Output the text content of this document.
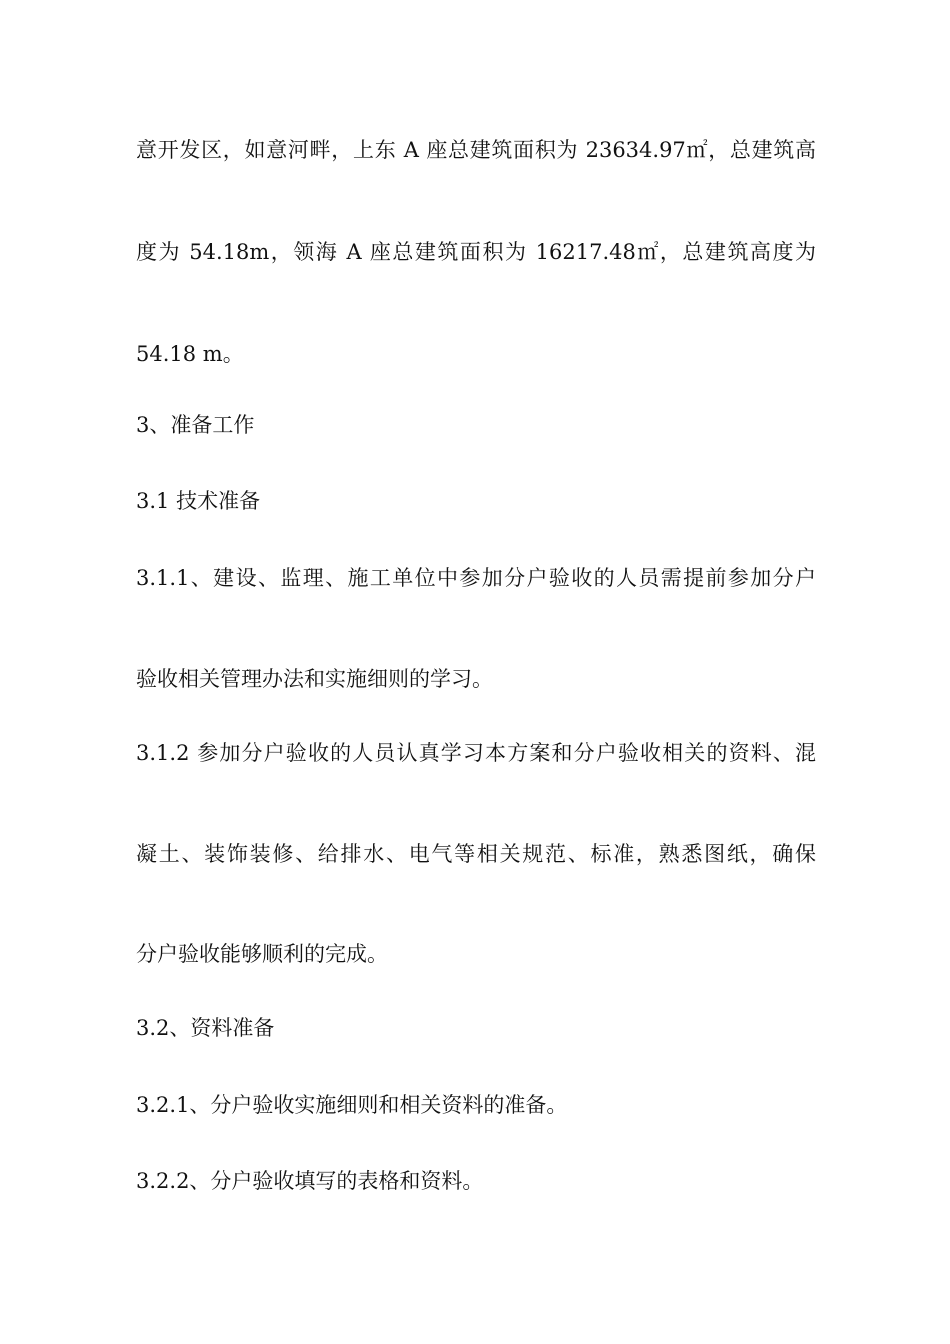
意开发区，如意河畔，上东 A 座总建筑面积为 23634.97㎡，总建筑高
度为 54.18m，领海 A 座总建筑面积为 16217.48㎡，总建筑高度为
54.18 m。
3、准备工作
3.1 技术准备
3.1.1、建设、监理、施工单位中参加分户验收的人员需提前参加分户
验收相关管理办法和实施细则的学习。
3.1.2 参加分户验收的人员认真学习本方案和分户验收相关的资料、混
凝土、装饰装修、给排水、电气等相关规范、标准，熟悉图纸，确保
分户验收能够顺利的完成。
3.2、资料准备
3.2.1、分户验收实施细则和相关资料的准备。
3.2.2、分户验收填写的表格和资料。
